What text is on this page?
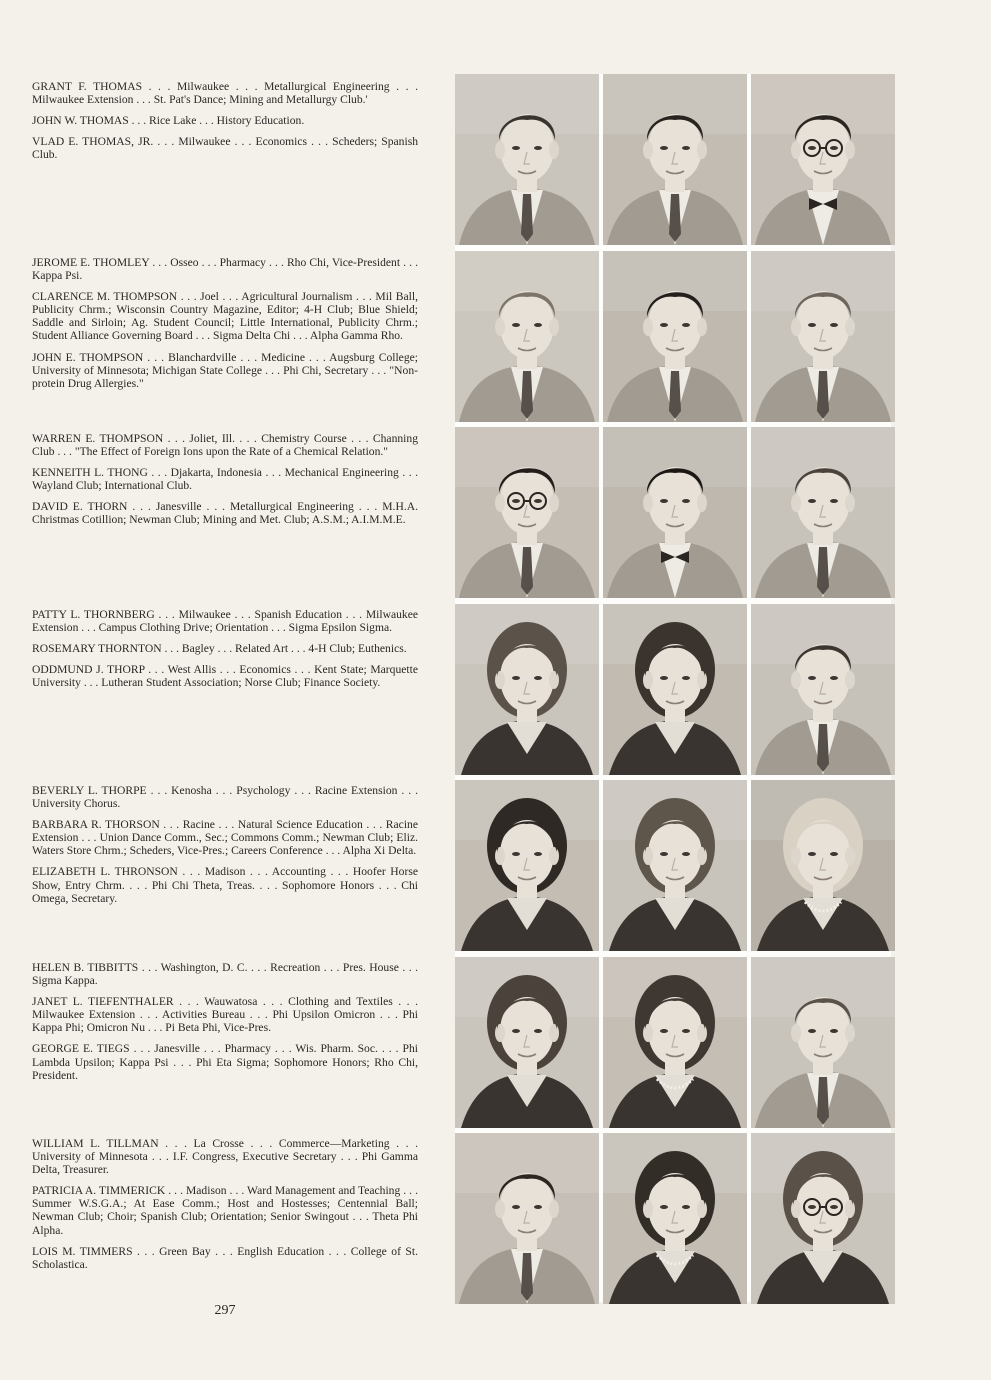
GRANT F. THOMAS . . . Milwaukee . . . Metallurgical Engineering . . . Milwaukee Extension . . . St. Pat's Dance; Mining and Metallurgy Club.'

JOHN W. THOMAS . . . Rice Lake . . . History Education.

VLAD E. THOMAS, JR. . . . Milwaukee . . . Economics . . . Scheders; Spanish Club.

JEROME E. THOMLEY . . . Osseo . . . Pharmacy . . . Rho Chi, Vice-President . . . Kappa Psi.

CLARENCE M. THOMPSON . . . Joel . . . Agricultural Journalism . . . Mil Ball, Publicity Chrm.; Wisconsin Country Magazine, Editor; 4-H Club; Blue Shield; Saddle and Sirloin; Ag. Student Council; Little International, Publicity Chrm.; Student Alliance Governing Board . . . Sigma Delta Chi . . . Alpha Gamma Rho.

JOHN E. THOMPSON . . . Blanchardville . . . Medicine . . . Augsburg College; University of Minnesota; Michigan State College . . . Phi Chi, Secretary . . . "Non-protein Drug Allergies."

WARREN E. THOMPSON . . . Joliet, Ill. . . . Chemistry Course . . . Channing Club . . . "The Effect of Foreign Ions upon the Rate of a Chemical Relation."

KENNEITH L. THONG . . . Djakarta, Indonesia . . . Mechanical Engineering . . . Wayland Club; International Club.

DAVID E. THORN . . . Janesville . . . Metallurgical Engineering . . . M.H.A. Christmas Cotillion; Newman Club; Mining and Met. Club; A.S.M.; A.I.M.M.E.

PATTY L. THORNBERG . . . Milwaukee . . . Spanish Education . . . Milwaukee Extension . . . Campus Clothing Drive; Orientation . . . Sigma Epsilon Sigma.

ROSEMARY THORNTON . . . Bagley . . . Related Art . . . 4-H Club; Euthenics.

ODDMUND J. THORP . . . West Allis . . . Economics . . . Kent State; Marquette University . . . Lutheran Student Association; Norse Club; Finance Society.

BEVERLY L. THORPE . . . Kenosha . . . Psychology . . . Racine Extension . . . University Chorus.

BARBARA R. THORSON . . . Racine . . . Natural Science Education . . . Racine Extension . . . Union Dance Comm., Sec.; Commons Comm.; Newman Club; Eliz. Waters Store Chrm.; Scheders, Vice-Pres.; Careers Conference . . . Alpha Xi Delta.

ELIZABETH L. THRONSON . . . Madison . . . Accounting . . . Hoofer Horse Show, Entry Chrm. . . . Phi Chi Theta, Treas. . . . Sophomore Honors . . . Chi Omega, Secretary.

HELEN B. TIBBITTS . . . Washington, D. C. . . . Recreation . . . Pres. House . . . Sigma Kappa.

JANET L. TIEFENTHALER . . . Wauwatosa . . . Clothing and Textiles . . . Milwaukee Extension . . . Activities Bureau . . . Phi Upsilon Omicron . . . Phi Kappa Phi; Omicron Nu . . . Pi Beta Phi, Vice-Pres.

GEORGE E. TIEGS . . . Janesville . . . Pharmacy . . . Wis. Pharm. Soc. . . . Phi Lambda Upsilon; Kappa Psi . . . Phi Eta Sigma; Sophomore Honors; Rho Chi, President.

WILLIAM L. TILLMAN . . . La Crosse . . . Commerce—Marketing . . . University of Minnesota . . . I.F. Congress, Executive Secretary . . . Phi Gamma Delta, Treasurer.

PATRICIA A. TIMMERICK . . . Madison . . . Ward Management and Teaching . . . Summer W.S.G.A.; At Ease Comm.; Host and Hostesses; Centennial Ball; Newman Club; Choir; Spanish Club; Orientation; Senior Swingout . . . Theta Phi Alpha.

LOIS M. TIMMERS . . . Green Bay . . . English Education . . . College of St. Scholastica.

297
